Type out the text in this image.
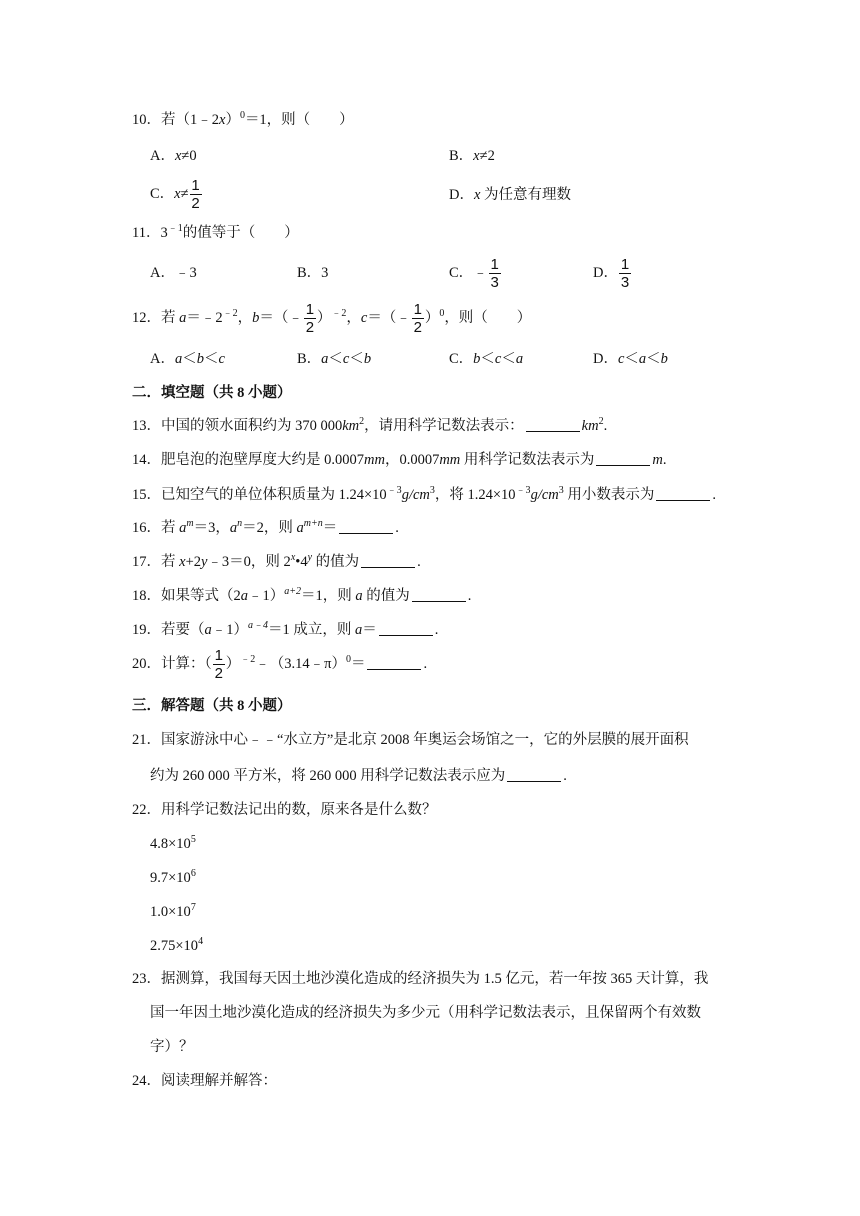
10．若（1﹣2x）$^0$＝1，则（　　）
A．x≠0	B．x≠2
C．$x\ne \frac{1}{2}$	D．x 为任意有理数
11．$3^{﹣1}$的值等于（　　）
A．﹣3	B．3	C．﹣ $\frac{1}{3}$	D． $\frac{1}{3}$
12．若 $a=﹣2^{﹣2}$，b＝（﹣ $\frac{1}{2} )^{﹣2}$，c＝（﹣ $\frac{1}{2} )^0$，则（　　）
A．a＜b＜c	B．a＜c＜b	C．b＜c＜a	D．c＜a＜b
二．填空题（共 8 小题）
13．中国的领水面积约为 370 $000km^2$，请用科学记数法表示：	$km^2$.
14．肥皂泡的泡壁厚度大约是 0.0007mm，0.0007mm 用科学记数法表示为	m.
15．已知空气的单位体积质量为 $1.24\times 10^{﹣3}g/cm^3$，将 $1.24\times 10^{﹣3}g/cm^3$ 用小数表示为	.
16．若 $a^m=3$，$a^n=2$，则 $a^{m+n}=$	.
17．若 x+2y﹣3＝0，则 2$^x$•4$^y$ 的值为	.
18．如果等式（2a﹣1）$^{a+2}$＝1，则 a 的值为	.
19．若要（a﹣1）$^{a﹣4}$＝1 成立，则 a＝	.
20．计算：（ $\frac{1}{2}$ ）$^{﹣2}$﹣（3.14﹣π）$^0$＝	.
三．解答题（共 8 小题）
21．国家游泳中心﹣﹣“水立方”是北京 2008 年奥运会场馆之一，它的外层膜的展开面积
约为 260 000 平方米，将 260 000 用科学记数法表示应为	.
22．用科学记数法记出的数，原来各是什么数？
$4.8\times 10^5$
$9.7\times 10^6$
$1.0\times 10^7$
$2.75\times 10^4$
23．据测算，我国每天因土地沙漠化造成的经济损失为 1.5 亿元，若一年按 365 天计算，我
国一年因土地沙漠化造成的经济损失为多少元（用科学记数法表示，且保留两个有效数
字）？
24．阅读理解并解答：
